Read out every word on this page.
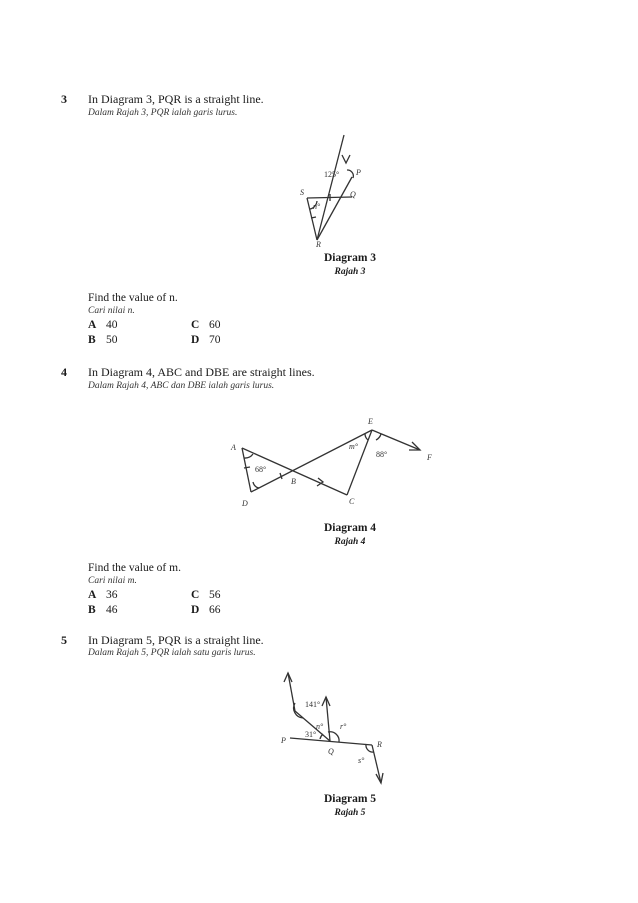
3 In Diagram 3, PQR is a straight line.
Dalam Rajah 3, PQR ialah garis lurus.
P
Q
R
S
125°
n°
Diagram 3
Rajah 3
Find the value of n.
Cari nilai n.
A 40	C 60
B 50	D 70
4 In Diagram 4, ABC and DBE are straight lines.
Dalam Rajah 4, ABC dan DBE ialah garis lurus.
A
B
C
D
E
F
68°
88°
m°
Diagram 4
Rajah 4
Find the value of m.
Cari nilai m.
A 36	C 56
B 46	D 66
5 In Diagram 5, PQR is a straight line.
Dalam Rajah 5, PQR ialah satu garis lurus.
P
Q
R
141°
31°
n° r°
s°
Diagram 5
Rajah 5
